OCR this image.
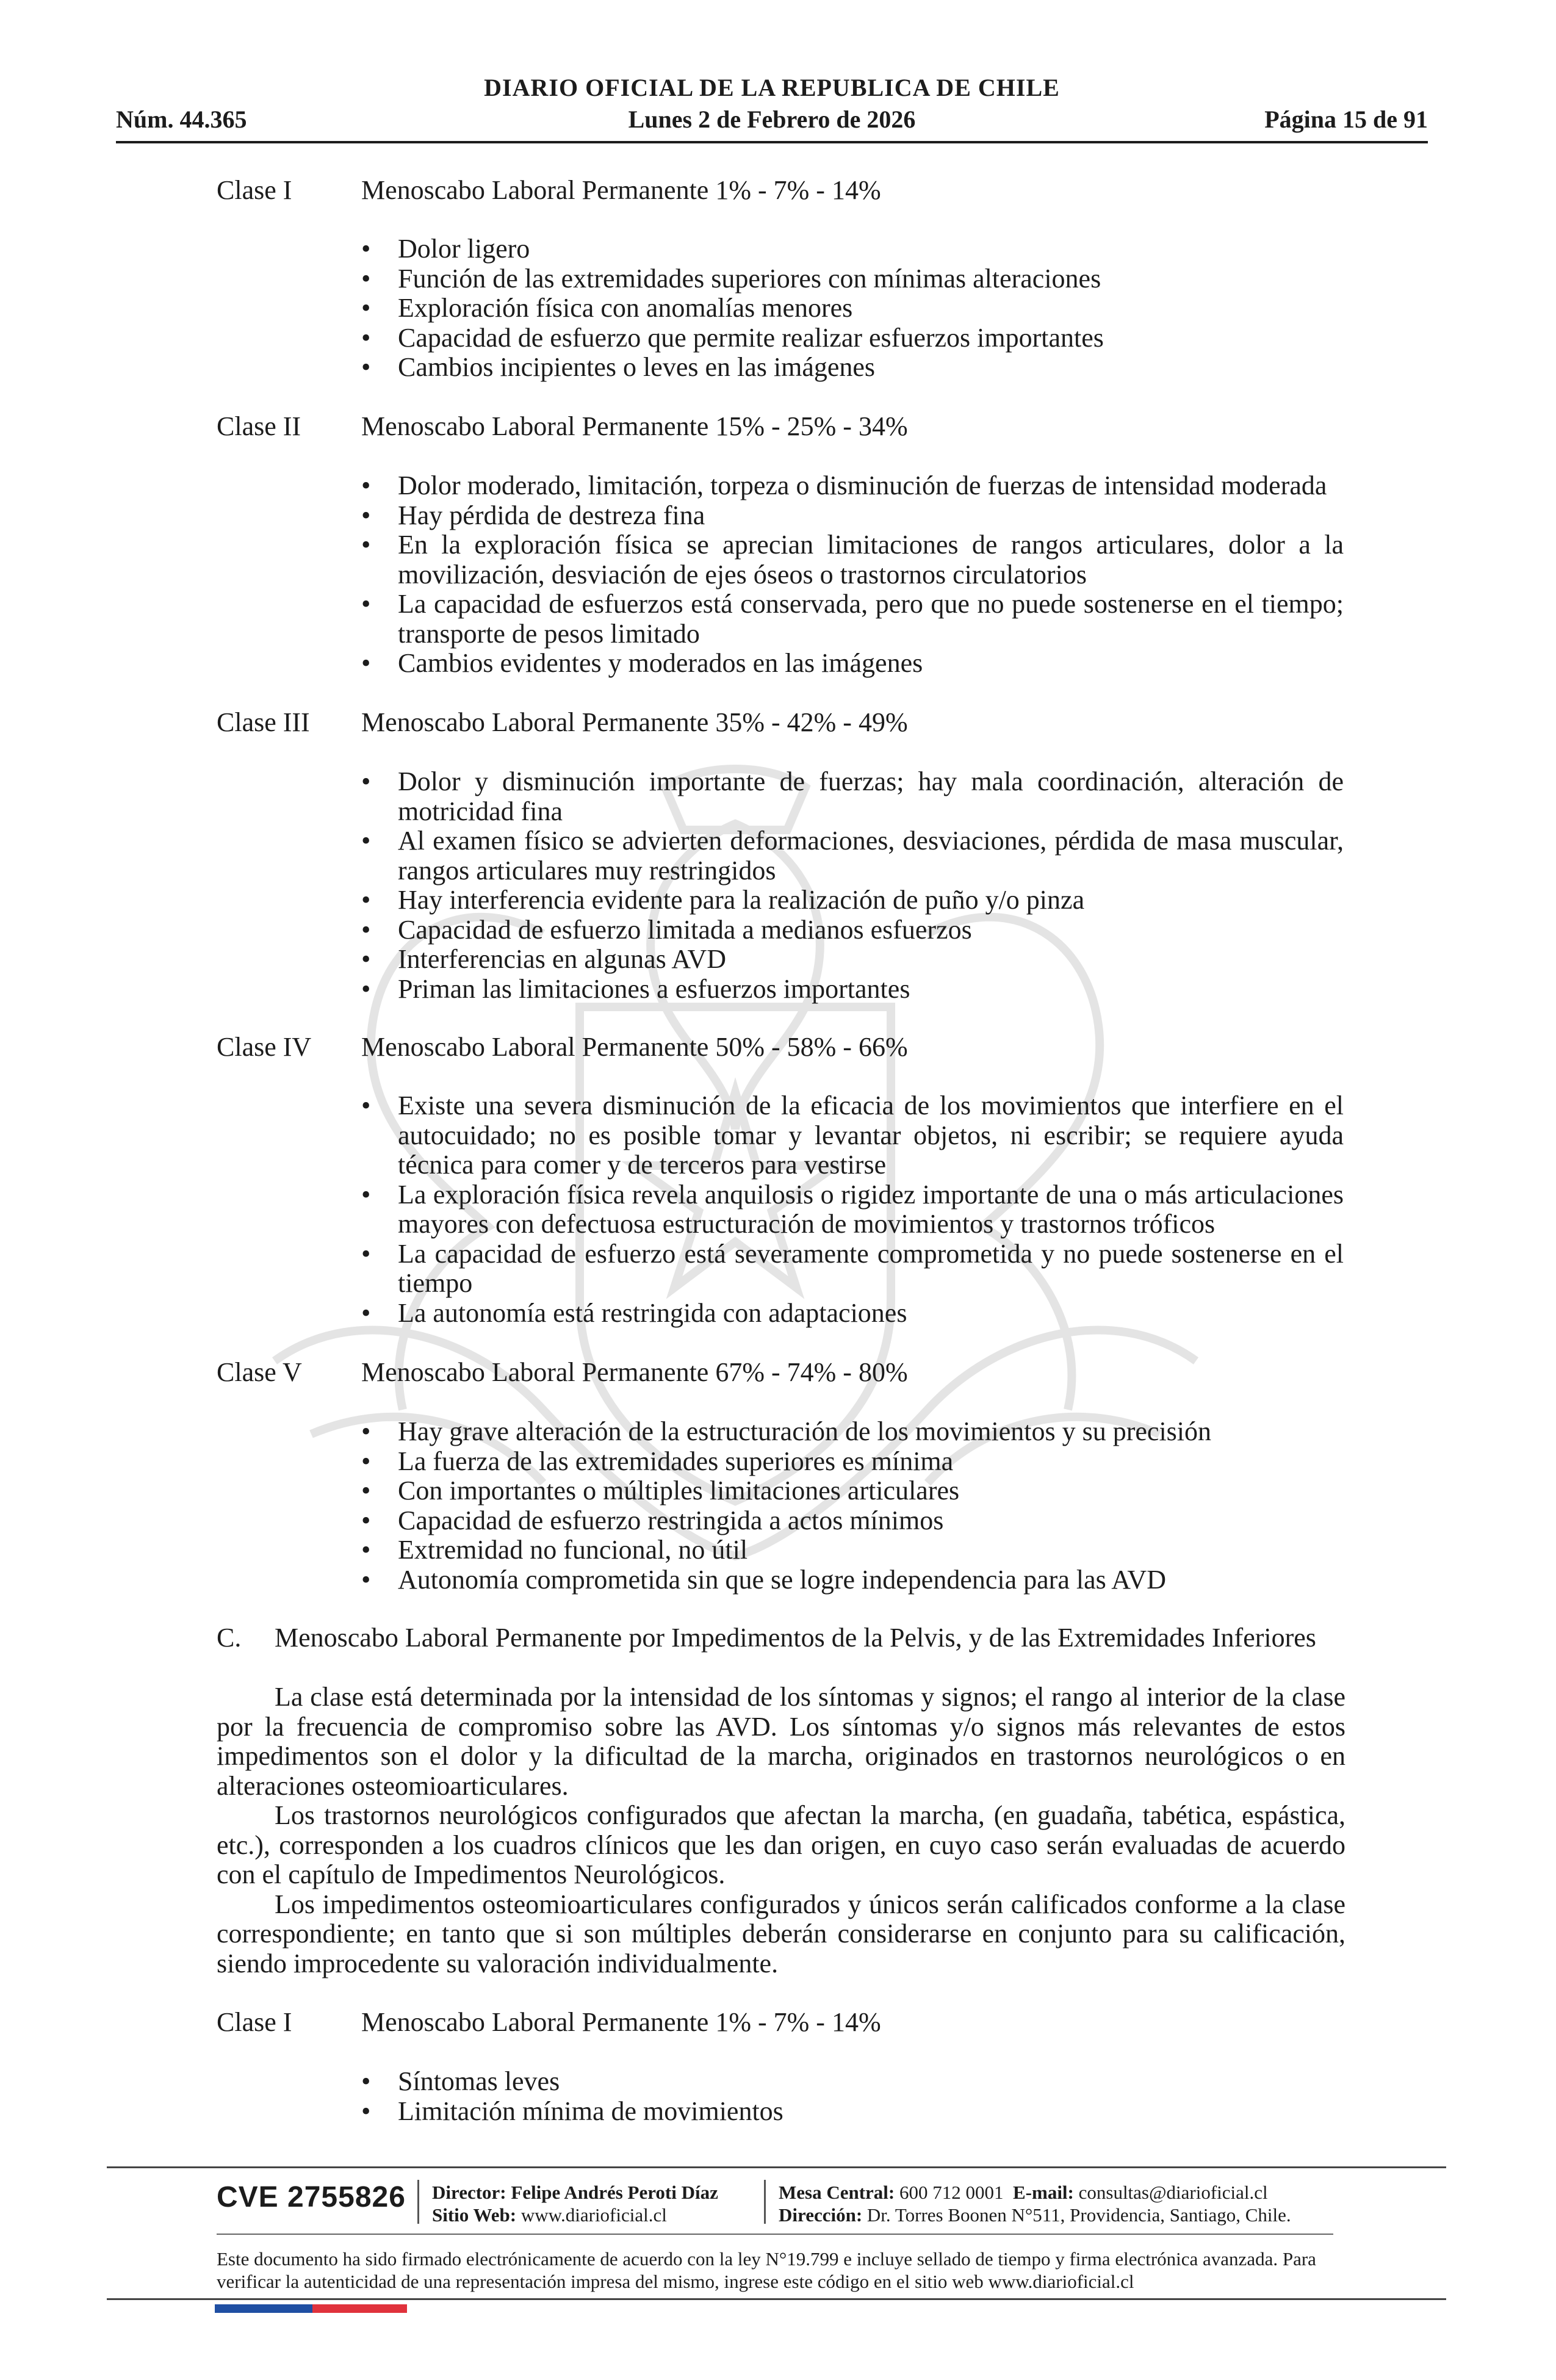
DIARIO OFICIAL DE LA REPUBLICA DE CHILE
Núm. 44.365	Lunes 2 de Febrero de 2026	Página 15 de 91
Clase I	Menoscabo Laboral Permanente 1% - 7% - 14%
• Dolor ligero
• Función de las extremidades superiores con mínimas alteraciones
• Exploración física con anomalías menores
• Capacidad de esfuerzo que permite realizar esfuerzos importantes
• Cambios incipientes o leves en las imágenes
Clase II Menoscabo Laboral Permanente 15% - 25% - 34%
• Dolor moderado, limitación, torpeza o disminución de fuerzas de intensidad moderada
• Hay pérdida de destreza fina
• En la exploración física se aprecian limitaciones de rangos articulares, dolor a la movilización, desviación de ejes óseos o trastornos circulatorios
• La capacidad de esfuerzos está conservada, pero que no puede sostenerse en el tiempo; transporte de pesos limitado
• Cambios evidentes y moderados en las imágenes
Clase III Menoscabo Laboral Permanente 35% - 42% - 49%
• Dolor y disminución importante de fuerzas; hay mala coordinación, alteración de motricidad fina
• Al examen físico se advierten deformaciones, desviaciones, pérdida de masa muscular, rangos articulares muy restringidos
• Hay interferencia evidente para la realización de puño y/o pinza
• Capacidad de esfuerzo limitada a medianos esfuerzos
• Interferencias en algunas AVD
• Priman las limitaciones a esfuerzos importantes
Clase IV Menoscabo Laboral Permanente 50% - 58% - 66%
• Existe una severa disminución de la eficacia de los movimientos que interfiere en el autocuidado; no es posible tomar y levantar objetos, ni escribir; se requiere ayuda técnica para comer y de terceros para vestirse
• La exploración física revela anquilosis o rigidez importante de una o más articulaciones mayores con defectuosa estructuración de movimientos y trastornos tróficos
• La capacidad de esfuerzo está severamente comprometida y no puede sostenerse en el tiempo
• La autonomía está restringida con adaptaciones
Clase V Menoscabo Laboral Permanente 67% - 74% - 80%
• Hay grave alteración de la estructuración de los movimientos y su precisión
• La fuerza de las extremidades superiores es mínima
• Con importantes o múltiples limitaciones articulares
• Capacidad de esfuerzo restringida a actos mínimos
• Extremidad no funcional, no útil
• Autonomía comprometida sin que se logre independencia para las AVD
C. Menoscabo Laboral Permanente por Impedimentos de la Pelvis, y de las Extremidades Inferiores

La clase está determinada por la intensidad de los síntomas y signos; el rango al interior de la clase por la frecuencia de compromiso sobre las AVD. Los síntomas y/o signos más relevantes de estos impedimentos son el dolor y la dificultad de la marcha, originados en trastornos neurológicos o en alteraciones osteomioarticulares.

Los trastornos neurológicos configurados que afectan la marcha, (en guadaña, tabética, espástica, etc.), corresponden a los cuadros clínicos que les dan origen, en cuyo caso serán evaluadas de acuerdo con el capítulo de Impedimentos Neurológicos.

Los impedimentos osteomioarticulares configurados y únicos serán calificados conforme a la clase correspondiente; en tanto que si son múltiples deberán considerarse en conjunto para su calificación, siendo improcedente su valoración individualmente.

Clase I	Menoscabo Laboral Permanente 1% - 7% - 14%
• Síntomas leves
• Limitación mínima de movimientos
CVE 2755826 Director: Felipe Andrés Peroti Díaz
Sitio Web: www.diarioficial.cl
Mesa Central: 600 712 0001 E-mail: consultas@diarioficial.cl
Dirección: Dr. Torres Boonen N°511, Providencia, Santiago, Chile.
Este documento ha sido firmado electrónicamente de acuerdo con la ley N°19.799 e incluye sellado de tiempo y firma electrónica avanzada. Para verificar la autenticidad de una representación impresa del mismo, ingrese este código en el sitio web www.diarioficial.cl
